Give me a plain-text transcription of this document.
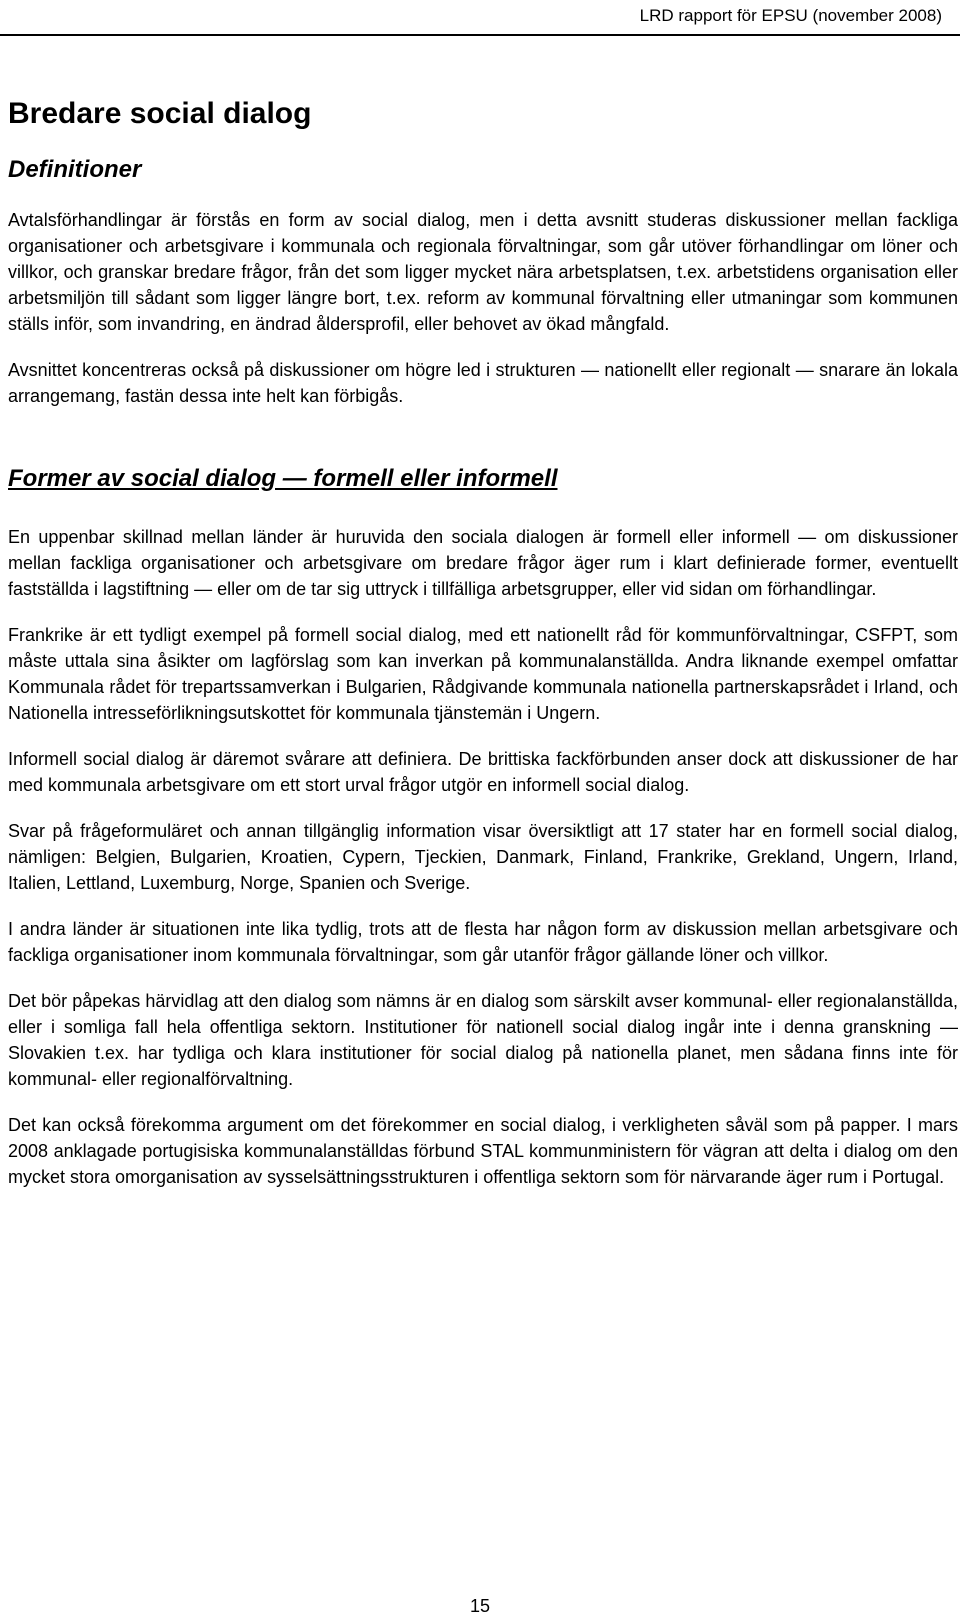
LRD rapport för EPSU (november 2008)
Bredare social dialog
Definitioner

Avtalsförhandlingar är förstås en form av social dialog, men i detta avsnitt studeras diskussioner mellan fackliga organisationer och arbetsgivare i kommunala och regionala förvaltningar, som går utöver förhandlingar om löner och villkor, och granskar bredare frågor, från det som ligger mycket nära arbetsplatsen, t.ex. arbetstidens organisation eller arbetsmiljön till sådant som ligger längre bort, t.ex. reform av kommunal förvaltning eller utmaningar som kommunen ställs inför, som invandring, en ändrad åldersprofil, eller behovet av ökad mångfald.

Avsnittet koncentreras också på diskussioner om högre led i strukturen — nationellt eller regionalt — snarare än lokala arrangemang, fastän dessa inte helt kan förbigås.

Former av social dialog — formell eller informell

En uppenbar skillnad mellan länder är huruvida den sociala dialogen är formell eller informell — om diskussioner mellan fackliga organisationer och arbetsgivare om bredare frågor äger rum i klart definierade former, eventuellt fastställda i lagstiftning — eller om de tar sig uttryck i tillfälliga arbetsgrupper, eller vid sidan om förhandlingar.

Frankrike är ett tydligt exempel på formell social dialog, med ett nationellt råd för kommunförvaltningar, CSFPT, som måste uttala sina åsikter om lagförslag som kan inverkan på kommunalanställda. Andra liknande exempel omfattar Kommunala rådet för trepartssamverkan i Bulgarien, Rådgivande kommunala nationella partnerskapsrådet i Irland, och Nationella intresseförlikningsutskottet för kommunala tjänstemän i Ungern.

Informell social dialog är däremot svårare att definiera. De brittiska fackförbunden anser dock att diskussioner de har med kommunala arbetsgivare om ett stort urval frågor utgör en informell social dialog.

Svar på frågeformuläret och annan tillgänglig information visar översiktligt att 17 stater har en formell social dialog, nämligen: Belgien, Bulgarien, Kroatien, Cypern, Tjeckien, Danmark, Finland, Frankrike, Grekland, Ungern, Irland, Italien, Lettland, Luxemburg, Norge, Spanien och Sverige.

I andra länder är situationen inte lika tydlig, trots att de flesta har någon form av diskussion mellan arbetsgivare och fackliga organisationer inom kommunala förvaltningar, som går utanför frågor gällande löner och villkor.

Det bör påpekas härvidlag att den dialog som nämns är en dialog som särskilt avser kommunal- eller regionalanställda, eller i somliga fall hela offentliga sektorn. Institutioner för nationell social dialog ingår inte i denna granskning — Slovakien t.ex. har tydliga och klara institutioner för social dialog på nationella planet, men sådana finns inte för kommunal- eller regionalförvaltning.

Det kan också förekomma argument om det förekommer en social dialog, i verkligheten såväl som på papper. I mars 2008 anklagade portugisiska kommunalanställdas förbund STAL kommunministern för vägran att delta i dialog om den mycket stora omorganisation av sysselsättningsstrukturen i offentliga sektorn som för närvarande äger rum i Portugal.

15
